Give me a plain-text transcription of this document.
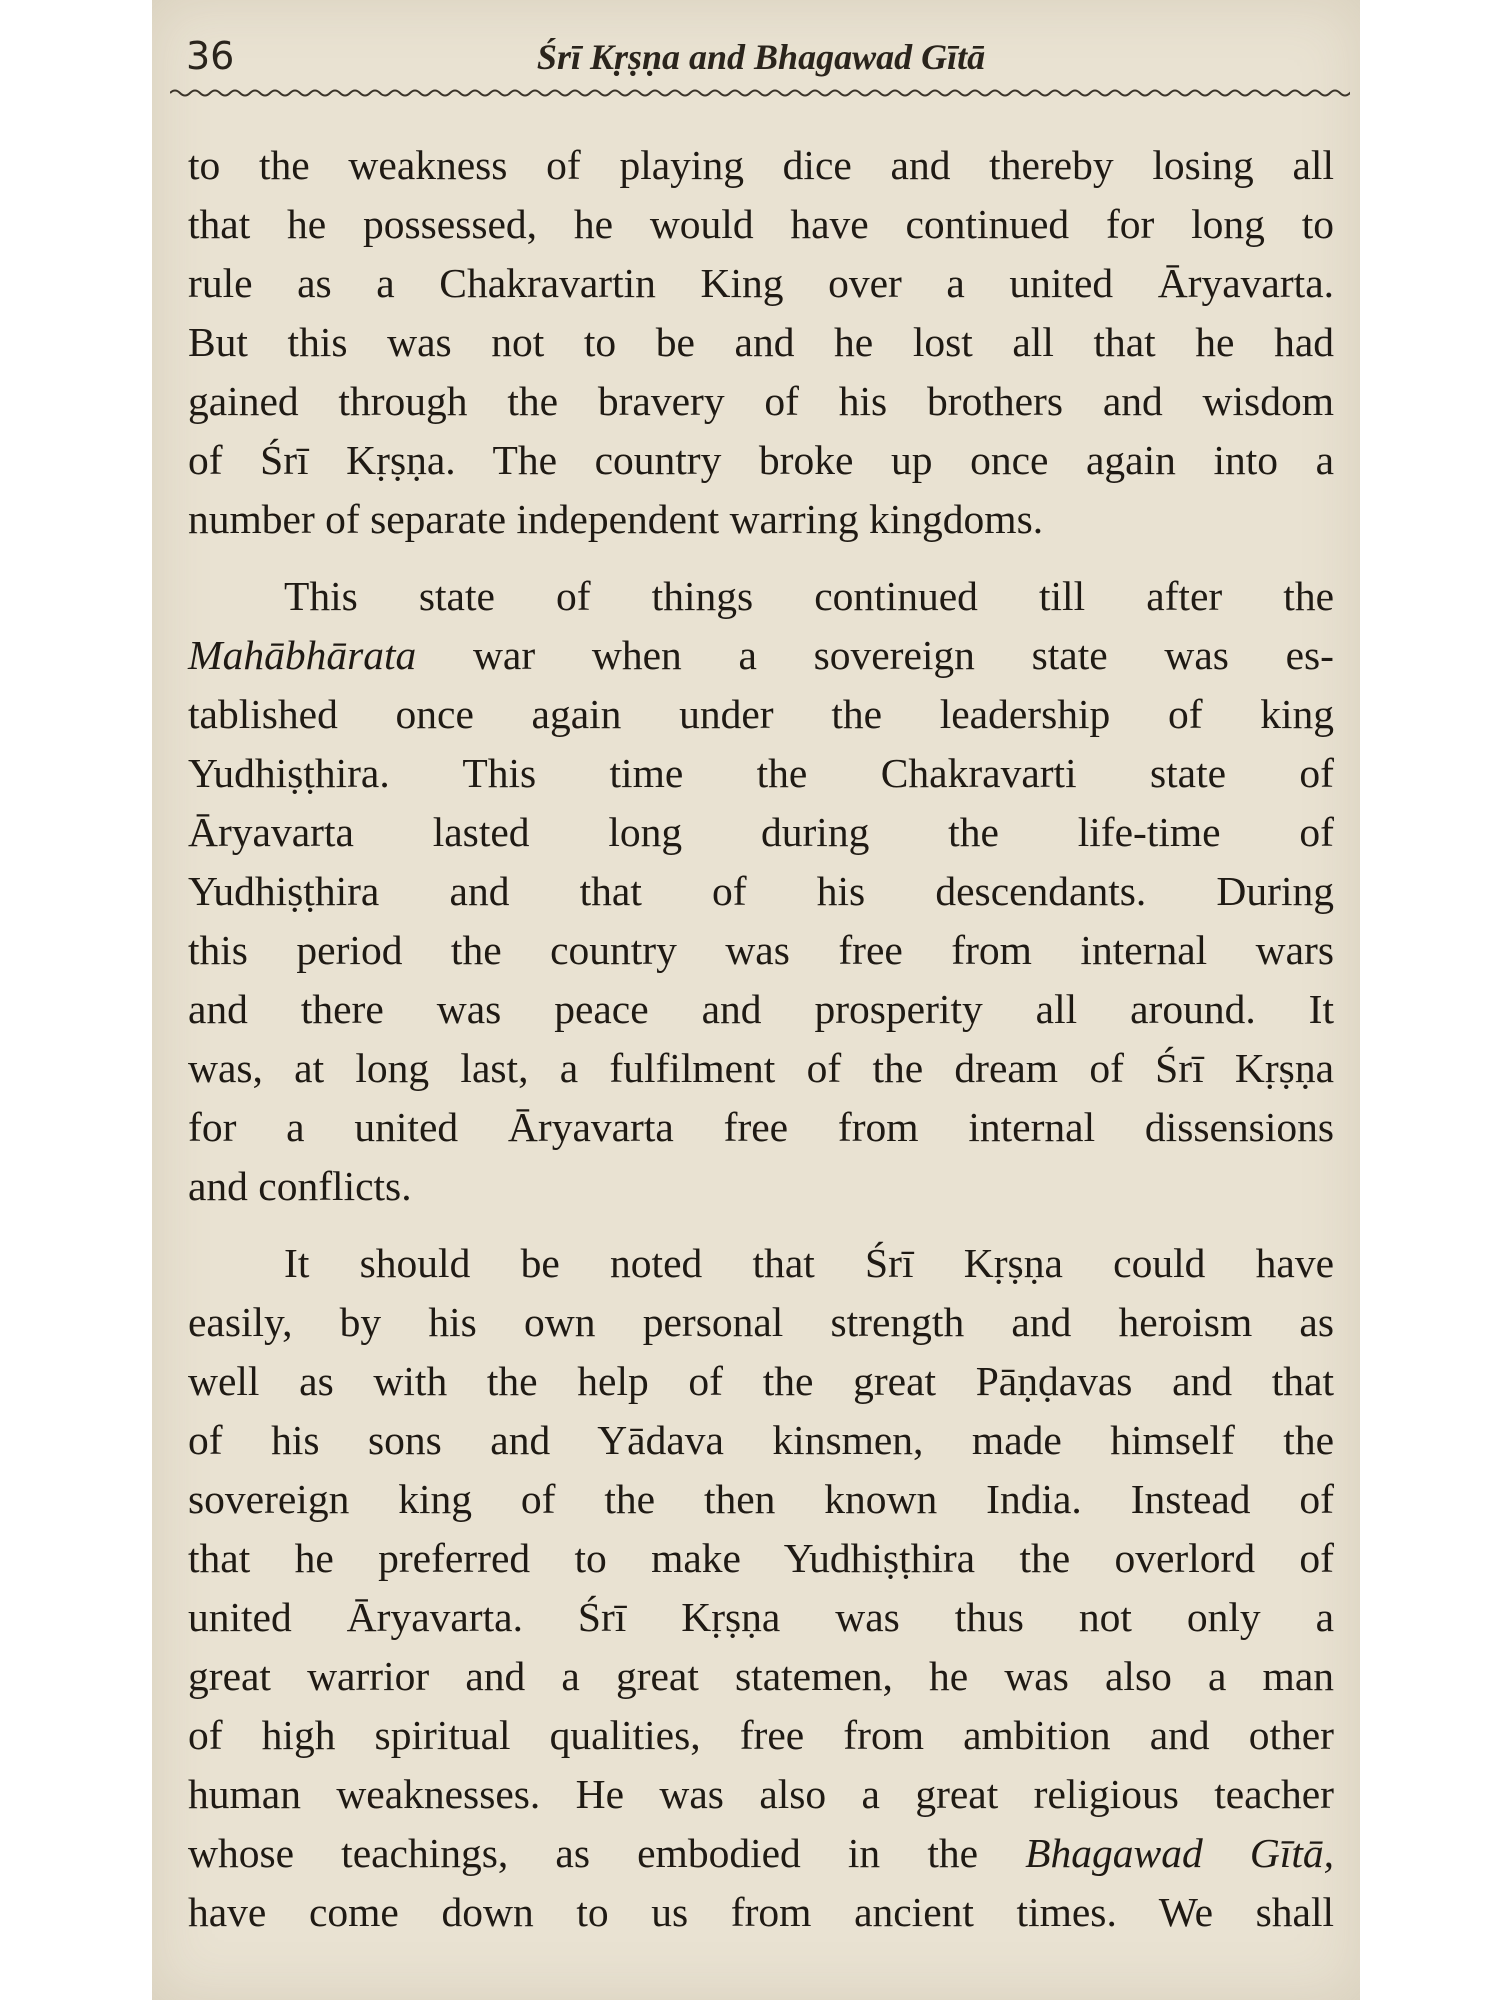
36	Śrī Kṛṣṇa and Bhagawad Gītā

to the weakness of playing dice and thereby losing all
that he possessed, he would have continued for long to
rule as a Chakravartin King over a united Āryavarta.
But this was not to be and he lost all that he had
gained through the bravery of his brothers and wisdom
of Śrī Kṛṣṇa. The country broke up once again into a
number of separate independent warring kingdoms.

This state of things continued till after the
Mahābhārata war when a sovereign state was es-
tablished once again under the leadership of king
Yudhiṣṭhira. This time the Chakravarti state of
Āryavarta lasted long during the life-time of
Yudhiṣṭhira and that of his descendants. During
this period the country was free from internal wars
and there was peace and prosperity all around. It
was, at long last, a fulfilment of the dream of Śrī Kṛṣṇa
for a united Āryavarta free from internal dissensions
and conflicts.

It should be noted that Śrī Kṛṣṇa could have
easily, by his own personal strength and heroism as
well as with the help of the great Pāṇḍavas and that
of his sons and Yādava kinsmen, made himself the
sovereign king of the then known India. Instead of
that he preferred to make Yudhiṣṭhira the overlord of
united Āryavarta. Śrī Kṛṣṇa was thus not only a
great warrior and a great statemen, he was also a man
of high spiritual qualities, free from ambition and other
human weaknesses. He was also a great religious teacher
whose teachings, as embodied in the Bhagawad Gītā,
have come down to us from ancient times. We shall
